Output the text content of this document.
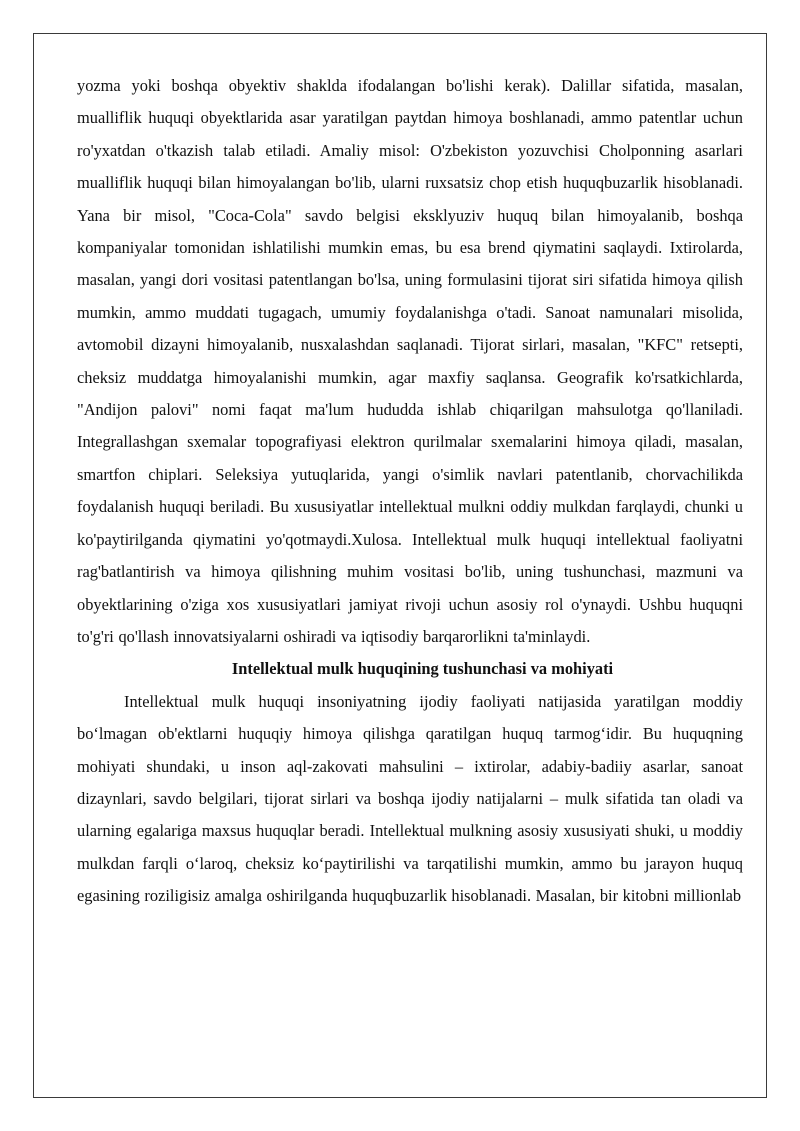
yozma yoki boshqa obyektiv shaklda ifodalangan bo'lishi kerak). Dalillar sifatida, masalan, mualliflik huquqi obyektlarida asar yaratilgan paytdan himoya boshlanadi, ammo patentlar uchun ro'yxatdan o'tkazish talab etiladi. Amaliy misol: O'zbekiston yozuvchisi Cholponning asarlari mualliflik huquqi bilan himoyalangan bo'lib, ularni ruxsatsiz chop etish huquqbuzarlik hisoblanadi. Yana bir misol, "Coca-Cola" savdo belgisi eksklyuziv huquq bilan himoyalanib, boshqa kompaniyalar tomonidan ishlatilishi mumkin emas, bu esa brend qiymatini saqlaydi. Ixtirolarda, masalan, yangi dori vositasi patentlangan bo'lsa, uning formulasini tijorat siri sifatida himoya qilish mumkin, ammo muddati tugagach, umumiy foydalanishga o'tadi. Sanoat namunalari misolida, avtomobil dizayni himoyalanib, nusxalashdan saqlanadi. Tijorat sirlari, masalan, "KFC" retsepti, cheksiz muddatga himoyalanishi mumkin, agar maxfiy saqlansa. Geografik ko'rsatkichlarda, "Andijon palovi" nomi faqat ma'lum hududda ishlab chiqarilgan mahsulotga qo'llaniladi. Integrallashgan sxemalar topografiyasi elektron qurilmalar sxemalarini himoya qiladi, masalan, smartfon chiplari. Seleksiya yutuqlarida, yangi o'simlik navlari patentlanib, chorvachilikda foydalanish huquqi beriladi. Bu xususiyatlar intellektual mulkni oddiy mulkdan farqlaydi, chunki u ko'paytirilganda qiymatini yo'qotmaydi.Xulosa. Intellektual mulk huquqi intellektual faoliyatni rag'batlantirish va himoya qilishning muhim vositasi bo'lib, uning tushunchasi, mazmuni va obyektlarining o'ziga xos xususiyatlari jamiyat rivoji uchun asosiy rol o'ynaydi. Ushbu huquqni to'g'ri qo'llash innovatsiyalarni oshiradi va iqtisodiy barqarorlikni ta'minlaydi.

Intellektual mulk huquqining tushunchasi va mohiyati

Intellektual mulk huquqi insoniyatning ijodiy faoliyati natijasida yaratilgan moddiy bo‘lmagan ob'ektlarni huquqiy himoya qilishga qaratilgan huquq tarmog‘idir. Bu huquqning mohiyati shundaki, u inson aql-zakovati mahsulini – ixtirolar, adabiy-badiiy asarlar, sanoat dizaynlari, savdo belgilari, tijorat sirlari va boshqa ijodiy natijalarni – mulk sifatida tan oladi va ularning egalariga maxsus huquqlar beradi. Intellektual mulkning asosiy xususiyati shuki, u moddiy mulkdan farqli o‘laroq, cheksiz ko‘paytirilishi va tarqatilishi mumkin, ammo bu jarayon huquq egasining roziligisiz amalga oshirilganda huquqbuzarlik hisoblanadi. Masalan, bir kitobni millionlab
